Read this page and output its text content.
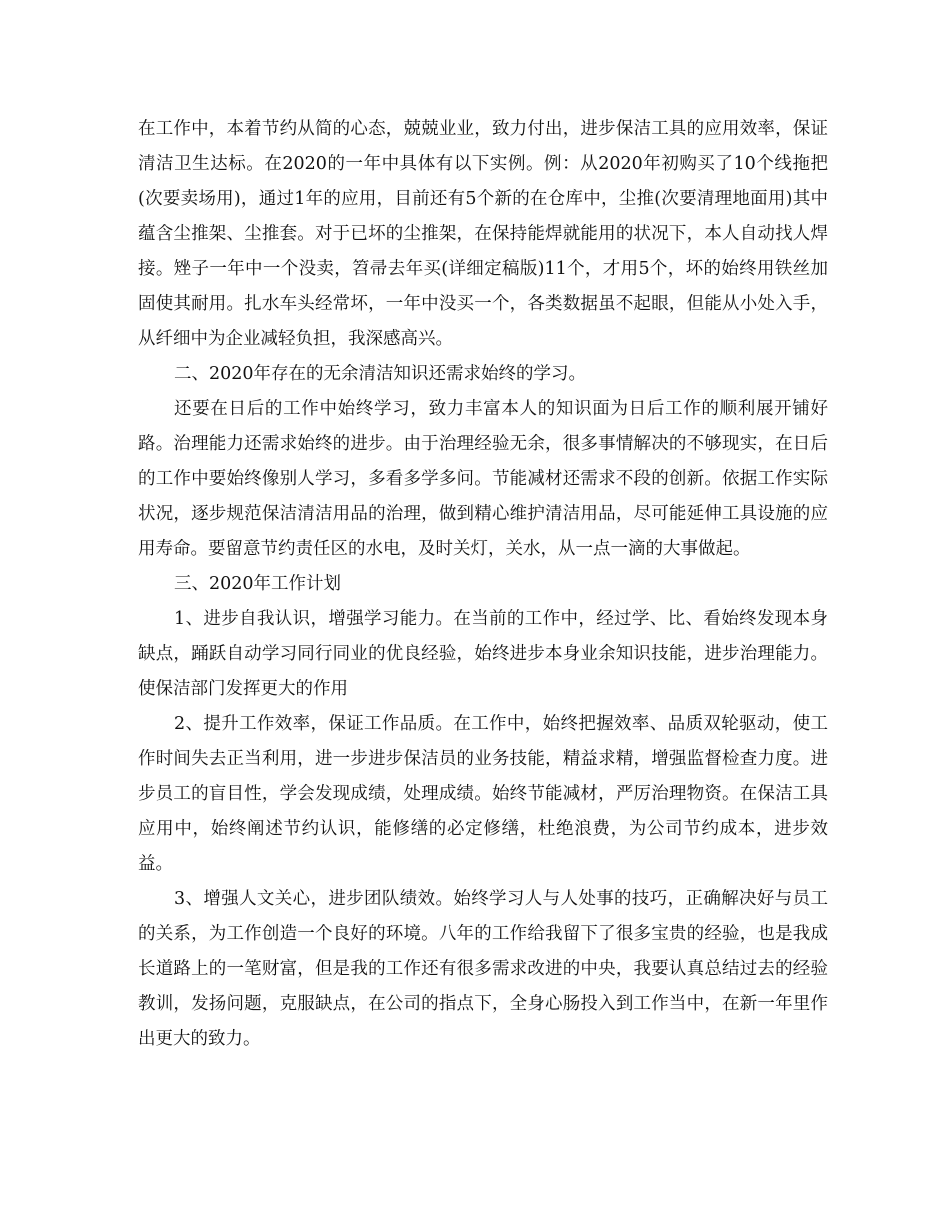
在工作中，本着节约从简的心态，兢兢业业，致力付出，进步保洁工具的应用效率，保证清洁卫生达标。在2020的一年中具体有以下实例。例：从2020年初购买了10个线拖把(次要卖场用)，通过1年的应用，目前还有5个新的在仓库中，尘推(次要清理地面用)其中蕴含尘推架、尘推套。对于已坏的尘推架，在保持能焊就能用的状况下，本人自动找人焊接。矬子一年中一个没卖，笤帚去年买(详细定稿版)11个，才用5个，坏的始终用铁丝加固使其耐用。扎水车头经常坏，一年中没买一个，各类数据虽不起眼，但能从小处入手，从纤细中为企业减轻负担，我深感高兴。

二、2020年存在的无余清洁知识还需求始终的学习。

还要在日后的工作中始终学习，致力丰富本人的知识面为日后工作的顺利展开铺好路。治理能力还需求始终的进步。由于治理经验无余，很多事情解决的不够现实，在日后的工作中要始终像别人学习，多看多学多问。节能减材还需求不段的创新。依据工作实际状况，逐步规范保洁清洁用品的治理，做到精心维护清洁用品，尽可能延伸工具设施的应用寿命。要留意节约责任区的水电，及时关灯，关水，从一点一滴的大事做起。

三、2020年工作计划

1、进步自我认识，增强学习能力。在当前的工作中，经过学、比、看始终发现本身缺点，踊跃自动学习同行同业的优良经验，始终进步本身业余知识技能，进步治理能力。使保洁部门发挥更大的作用

2、提升工作效率，保证工作品质。在工作中，始终把握效率、品质双轮驱动，使工作时间失去正当利用，进一步进步保洁员的业务技能，精益求精，增强监督检查力度。进步员工的盲目性，学会发现成绩，处理成绩。始终节能减材，严厉治理物资。在保洁工具应用中，始终阐述节约认识，能修缮的必定修缮，杜绝浪费，为公司节约成本，进步效益。

3、增强人文关心，进步团队绩效。始终学习人与人处事的技巧，正确解决好与员工的关系，为工作创造一个良好的环境。八年的工作给我留下了很多宝贵的经验，也是我成长道路上的一笔财富，但是我的工作还有很多需求改进的中央，我要认真总结过去的经验教训，发扬问题，克服缺点，在公司的指点下，全身心肠投入到工作当中，在新一年里作出更大的致力。
